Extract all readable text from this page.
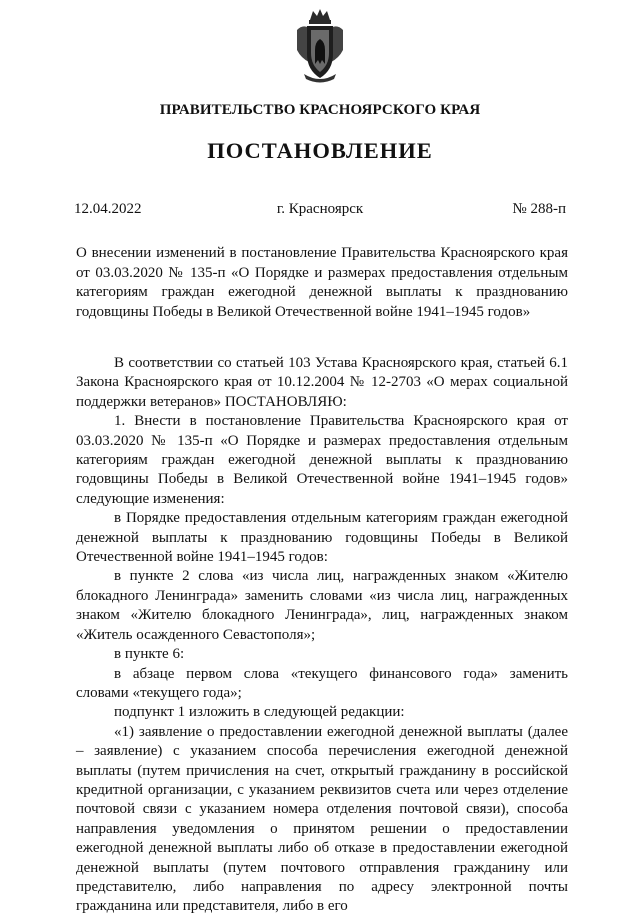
ПРАВИТЕЛЬСТВО КРАСНОЯРСКОГО КРАЯ
ПОСТАНОВЛЕНИЕ
12.04.2022	г. Красноярск	№ 288-п
О внесении изменений в постановление Правительства Красноярского края от 03.03.2020 № 135-п «О Порядке и размерах предоставления отдельным категориям граждан ежегодной денежной выплаты к празднованию годовщины Победы в Великой Отечественной войне 1941–1945 годов»

В соответствии со статьей 103 Устава Красноярского края, статьей 6.1 Закона Красноярского края от 10.12.2004 № 12-2703 «О мерах социальной поддержки ветеранов» ПОСТАНОВЛЯЮ:

1. Внести в постановление Правительства Красноярского края от 03.03.2020 № 135-п «О Порядке и размерах предоставления отдельным категориям граждан ежегодной денежной выплаты к празднованию годовщины Победы в Великой Отечественной войне 1941–1945 годов» следующие изменения:

в Порядке предоставления отдельным категориям граждан ежегодной денежной выплаты к празднованию годовщины Победы в Великой Отечественной войне 1941–1945 годов:

в пункте 2 слова «из числа лиц, награжденных знаком «Жителю блокадного Ленинграда» заменить словами «из числа лиц, награжденных знаком «Жителю блокадного Ленинграда», лиц, награжденных знаком «Житель осажденного Севастополя»;

в пункте 6:

в абзаце первом слова «текущего финансового года» заменить словами «текущего года»;

подпункт 1 изложить в следующей редакции:

«1) заявление о предоставлении ежегодной денежной выплаты (далее – заявление) с указанием способа перечисления ежегодной денежной выплаты (путем причисления на счет, открытый гражданину в российской кредитной организации, с указанием реквизитов счета или через отделение почтовой связи с указанием номера отделения почтовой связи), способа направления уведомления о принятом решении о предоставлении ежегодной денежной выплаты либо об отказе в предоставлении ежегодной денежной выплаты (путем почтового отправления гражданину или представителю, либо направления по адресу электронной почты гражданина или представителя, либо в его
